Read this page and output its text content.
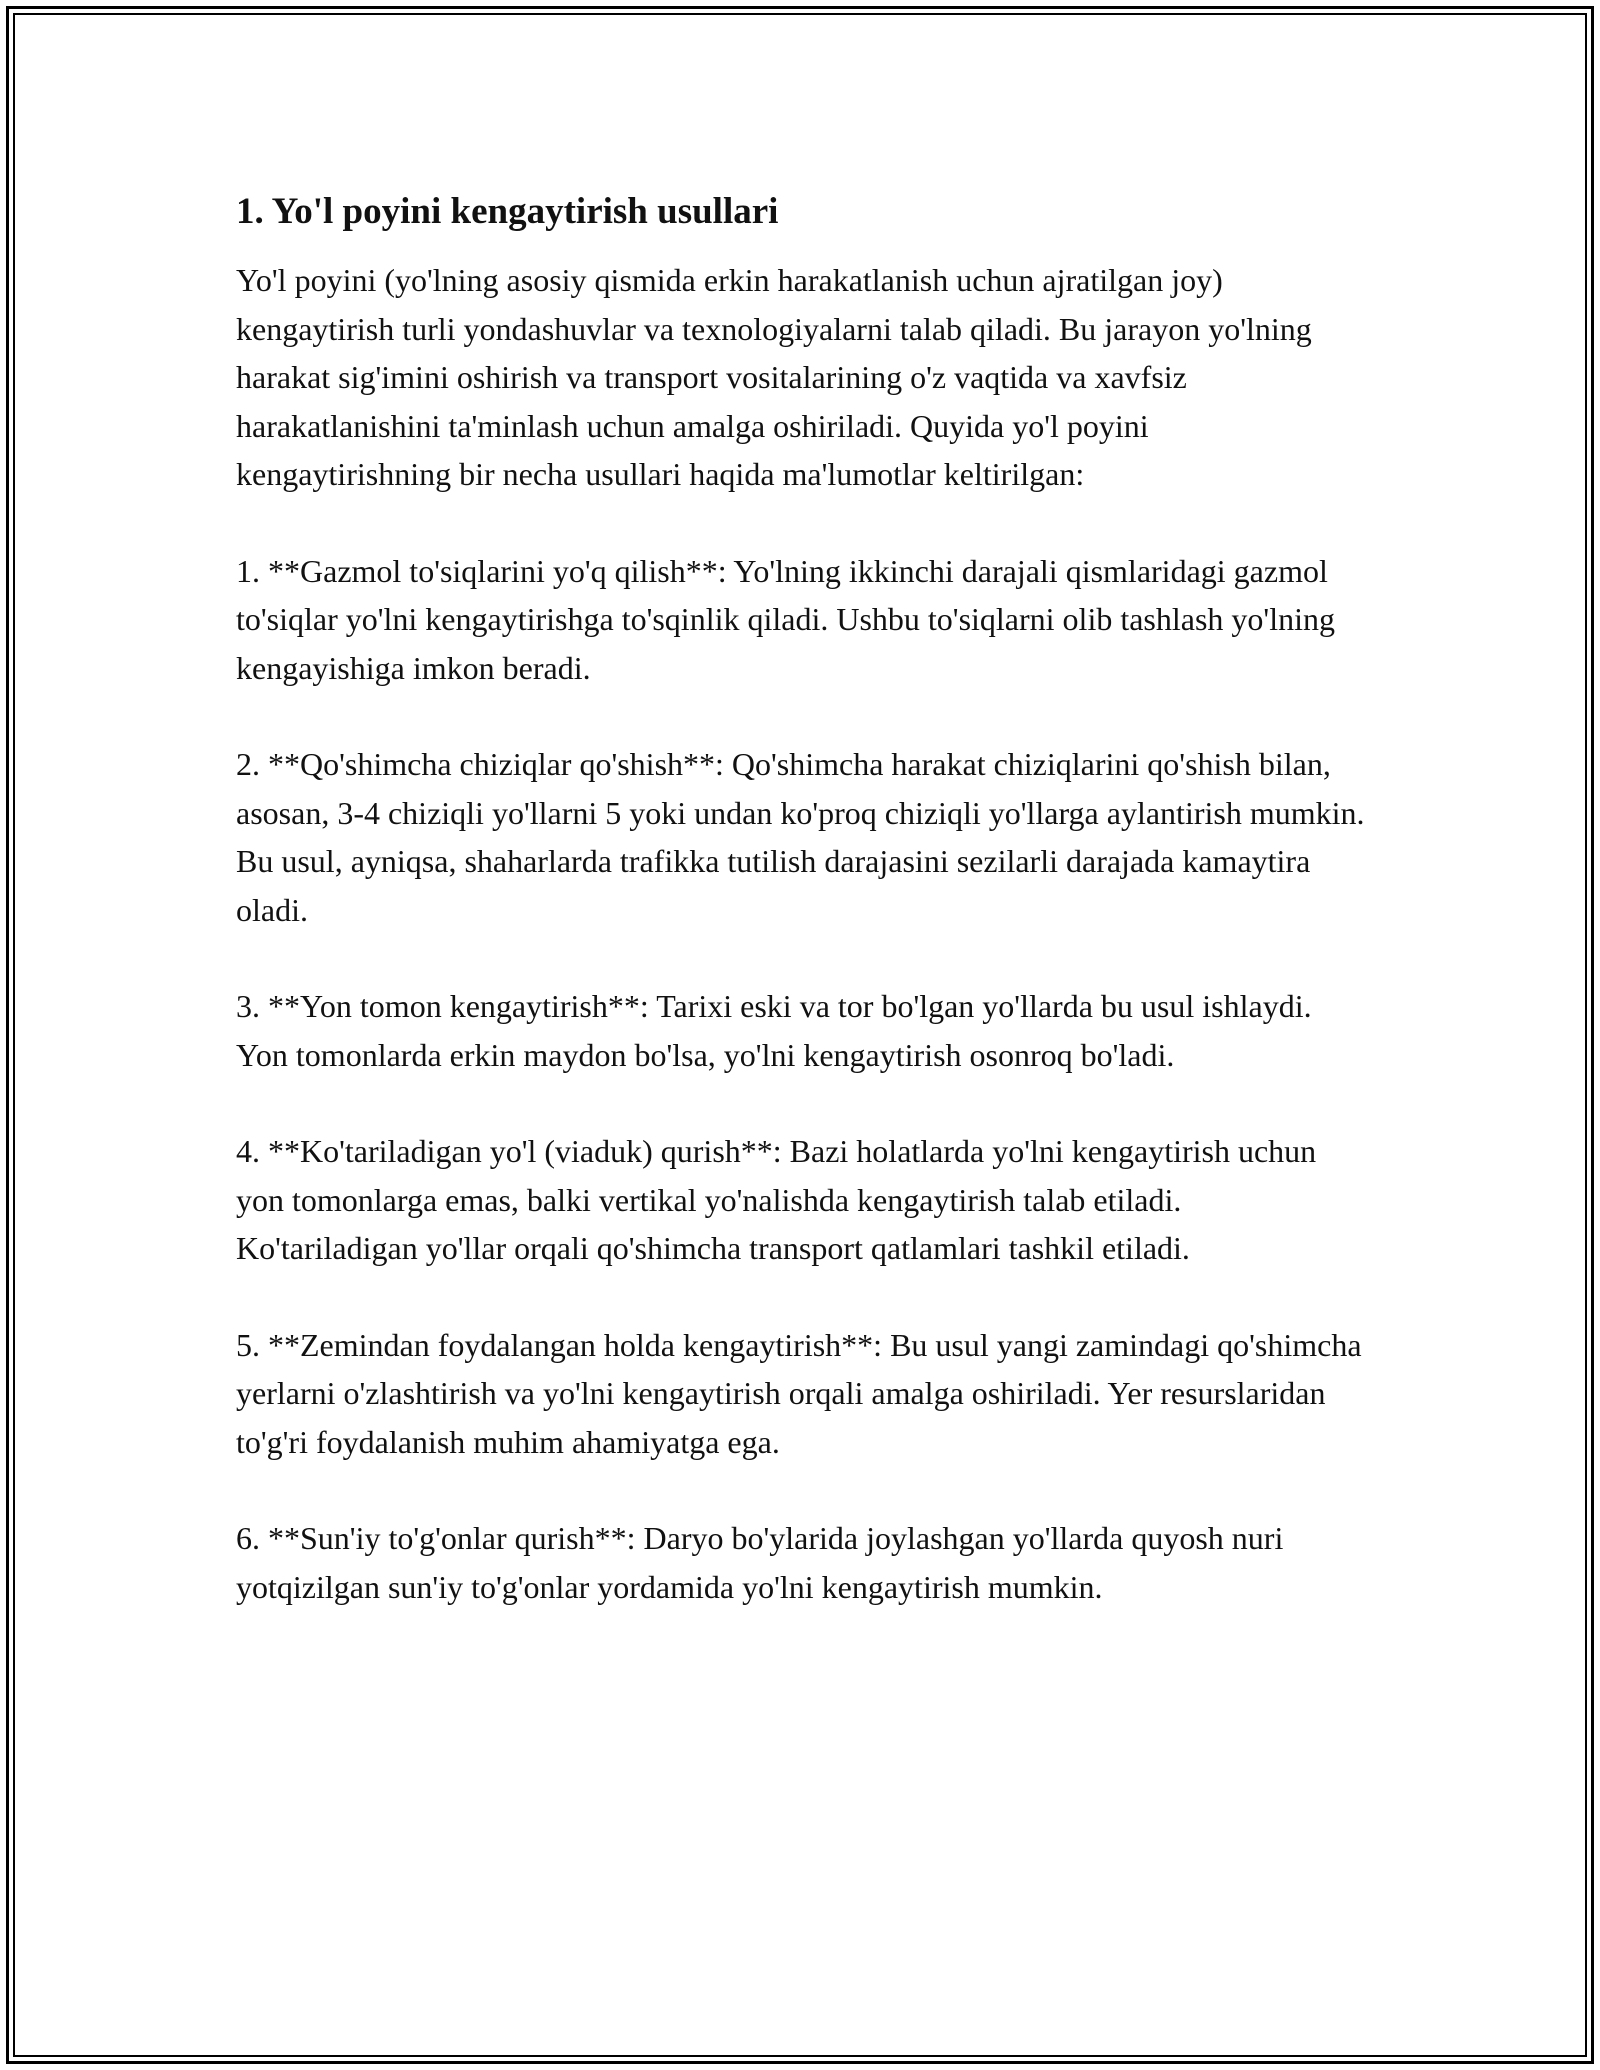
1. Yo'l poyini kengaytirish usullari

Yo'l poyini (yo'lning asosiy qismida erkin harakatlanish uchun ajratilgan joy) kengaytirish turli yondashuvlar va texnologiyalarni talab qiladi. Bu jarayon yo'lning harakat sig'imini oshirish va transport vositalarining o'z vaqtida va xavfsiz harakatlanishini ta'minlash uchun amalga oshiriladi. Quyida yo'l poyini kengaytirishning bir necha usullari haqida ma'lumotlar keltirilgan:

1. **Gazmol to'siqlarini yo'q qilish**: Yo'lning ikkinchi darajali qismlaridagi gazmol to'siqlar yo'lni kengaytirishga to'sqinlik qiladi. Ushbu to'siqlarni olib tashlash yo'lning kengayishiga imkon beradi.

2. **Qo'shimcha chiziqlar qo'shish**: Qo'shimcha harakat chiziqlarini qo'shish bilan, asosan, 3-4 chiziqli yo'llarni 5 yoki undan ko'proq chiziqli yo'llarga aylantirish mumkin. Bu usul, ayniqsa, shaharlarda trafikka tutilish darajasini sezilarli darajada kamaytira oladi.

3. **Yon tomon kengaytirish**: Tarixi eski va tor bo'lgan yo'llarda bu usul ishlaydi. Yon tomonlarda erkin maydon bo'lsa, yo'lni kengaytirish osonroq bo'ladi.

4. **Ko'tariladigan yo'l (viaduk) qurish**: Bazi holatlarda yo'lni kengaytirish uchun yon tomonlarga emas, balki vertikal yo'nalishda kengaytirish talab etiladi. Ko'tariladigan yo'llar orqali qo'shimcha transport qatlamlari tashkil etiladi.

5. **Zemindan foydalangan holda kengaytirish**: Bu usul yangi zamindagi qo'shimcha yerlarni o'zlashtirish va yo'lni kengaytirish orqali amalga oshiriladi. Yer resurslaridan to'g'ri foydalanish muhim ahamiyatga ega.

6. **Sun'iy to'g'onlar qurish**: Daryo bo'ylarida joylashgan yo'llarda quyosh nuri yotqizilgan sun'iy to'g'onlar yordamida yo'lni kengaytirish mumkin.
